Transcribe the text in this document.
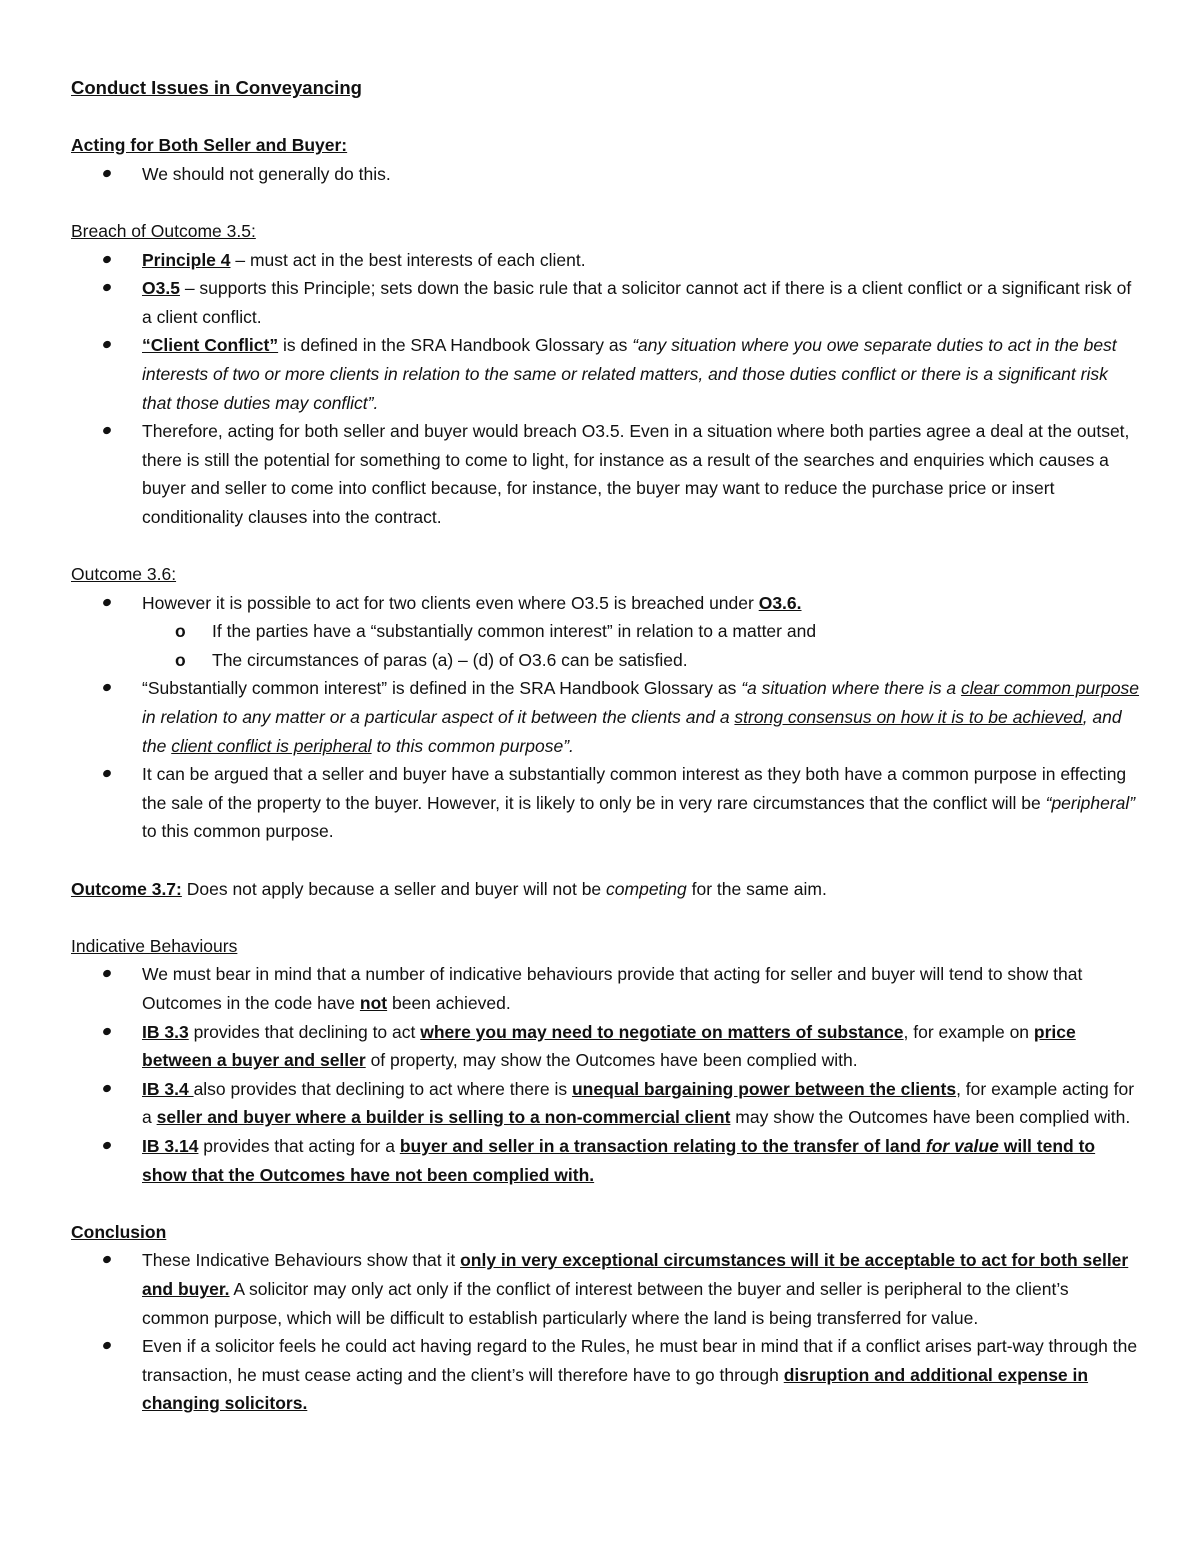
Conduct Issues in Conveyancing

Acting for Both Seller and Buyer:

We should not generally do this.

Breach of Outcome 3.5:

Principle 4 – must act in the best interests of each client.
O3.5 – supports this Principle; sets down the basic rule that a solicitor cannot act if there is a client conflict or a significant risk of a client conflict.
“Client Conflict” is defined in the SRA Handbook Glossary as “any situation where you owe separate duties to act in the best interests of two or more clients in relation to the same or related matters, and those duties conflict or there is a significant risk that those duties may conflict”.
Therefore, acting for both seller and buyer would breach O3.5. Even in a situation where both parties agree a deal at the outset, there is still the potential for something to come to light, for instance as a result of the searches and enquiries which causes a buyer and seller to come into conflict because, for instance, the buyer may want to reduce the purchase price or insert conditionality clauses into the contract.

Outcome 3.6:

However it is possible to act for two clients even where O3.5 is breached under O3.6.
o If the parties have a “substantially common interest” in relation to a matter and
o The circumstances of paras (a) – (d) of O3.6 can be satisfied.
“Substantially common interest” is defined in the SRA Handbook Glossary as “a situation where there is a clear common purpose in relation to any matter or a particular aspect of it between the clients and a strong consensus on how it is to be achieved, and the client conflict is peripheral to this common purpose”.
It can be argued that a seller and buyer have a substantially common interest as they both have a common purpose in effecting the sale of the property to the buyer. However, it is likely to only be in very rare circumstances that the conflict will be “peripheral” to this common purpose.

Outcome 3.7: Does not apply because a seller and buyer will not be competing for the same aim.

Indicative Behaviours

We must bear in mind that a number of indicative behaviours provide that acting for seller and buyer will tend to show that Outcomes in the code have not been achieved.
IB 3.3 provides that declining to act where you may need to negotiate on matters of substance, for example on price between a buyer and seller of property, may show the Outcomes have been complied with.
IB 3.4 also provides that declining to act where there is unequal bargaining power between the clients, for example acting for a seller and buyer where a builder is selling to a non-commercial client may show the Outcomes have been complied with.
IB 3.14 provides that acting for a buyer and seller in a transaction relating to the transfer of land for value will tend to show that the Outcomes have not been complied with.

Conclusion

These Indicative Behaviours show that it only in very exceptional circumstances will it be acceptable to act for both seller and buyer. A solicitor may only act only if the conflict of interest between the buyer and seller is peripheral to the client’s common purpose, which will be difficult to establish particularly where the land is being transferred for value.
Even if a solicitor feels he could act having regard to the Rules, he must bear in mind that if a conflict arises part-way through the transaction, he must cease acting and the client’s will therefore have to go through disruption and additional expense in changing solicitors.
